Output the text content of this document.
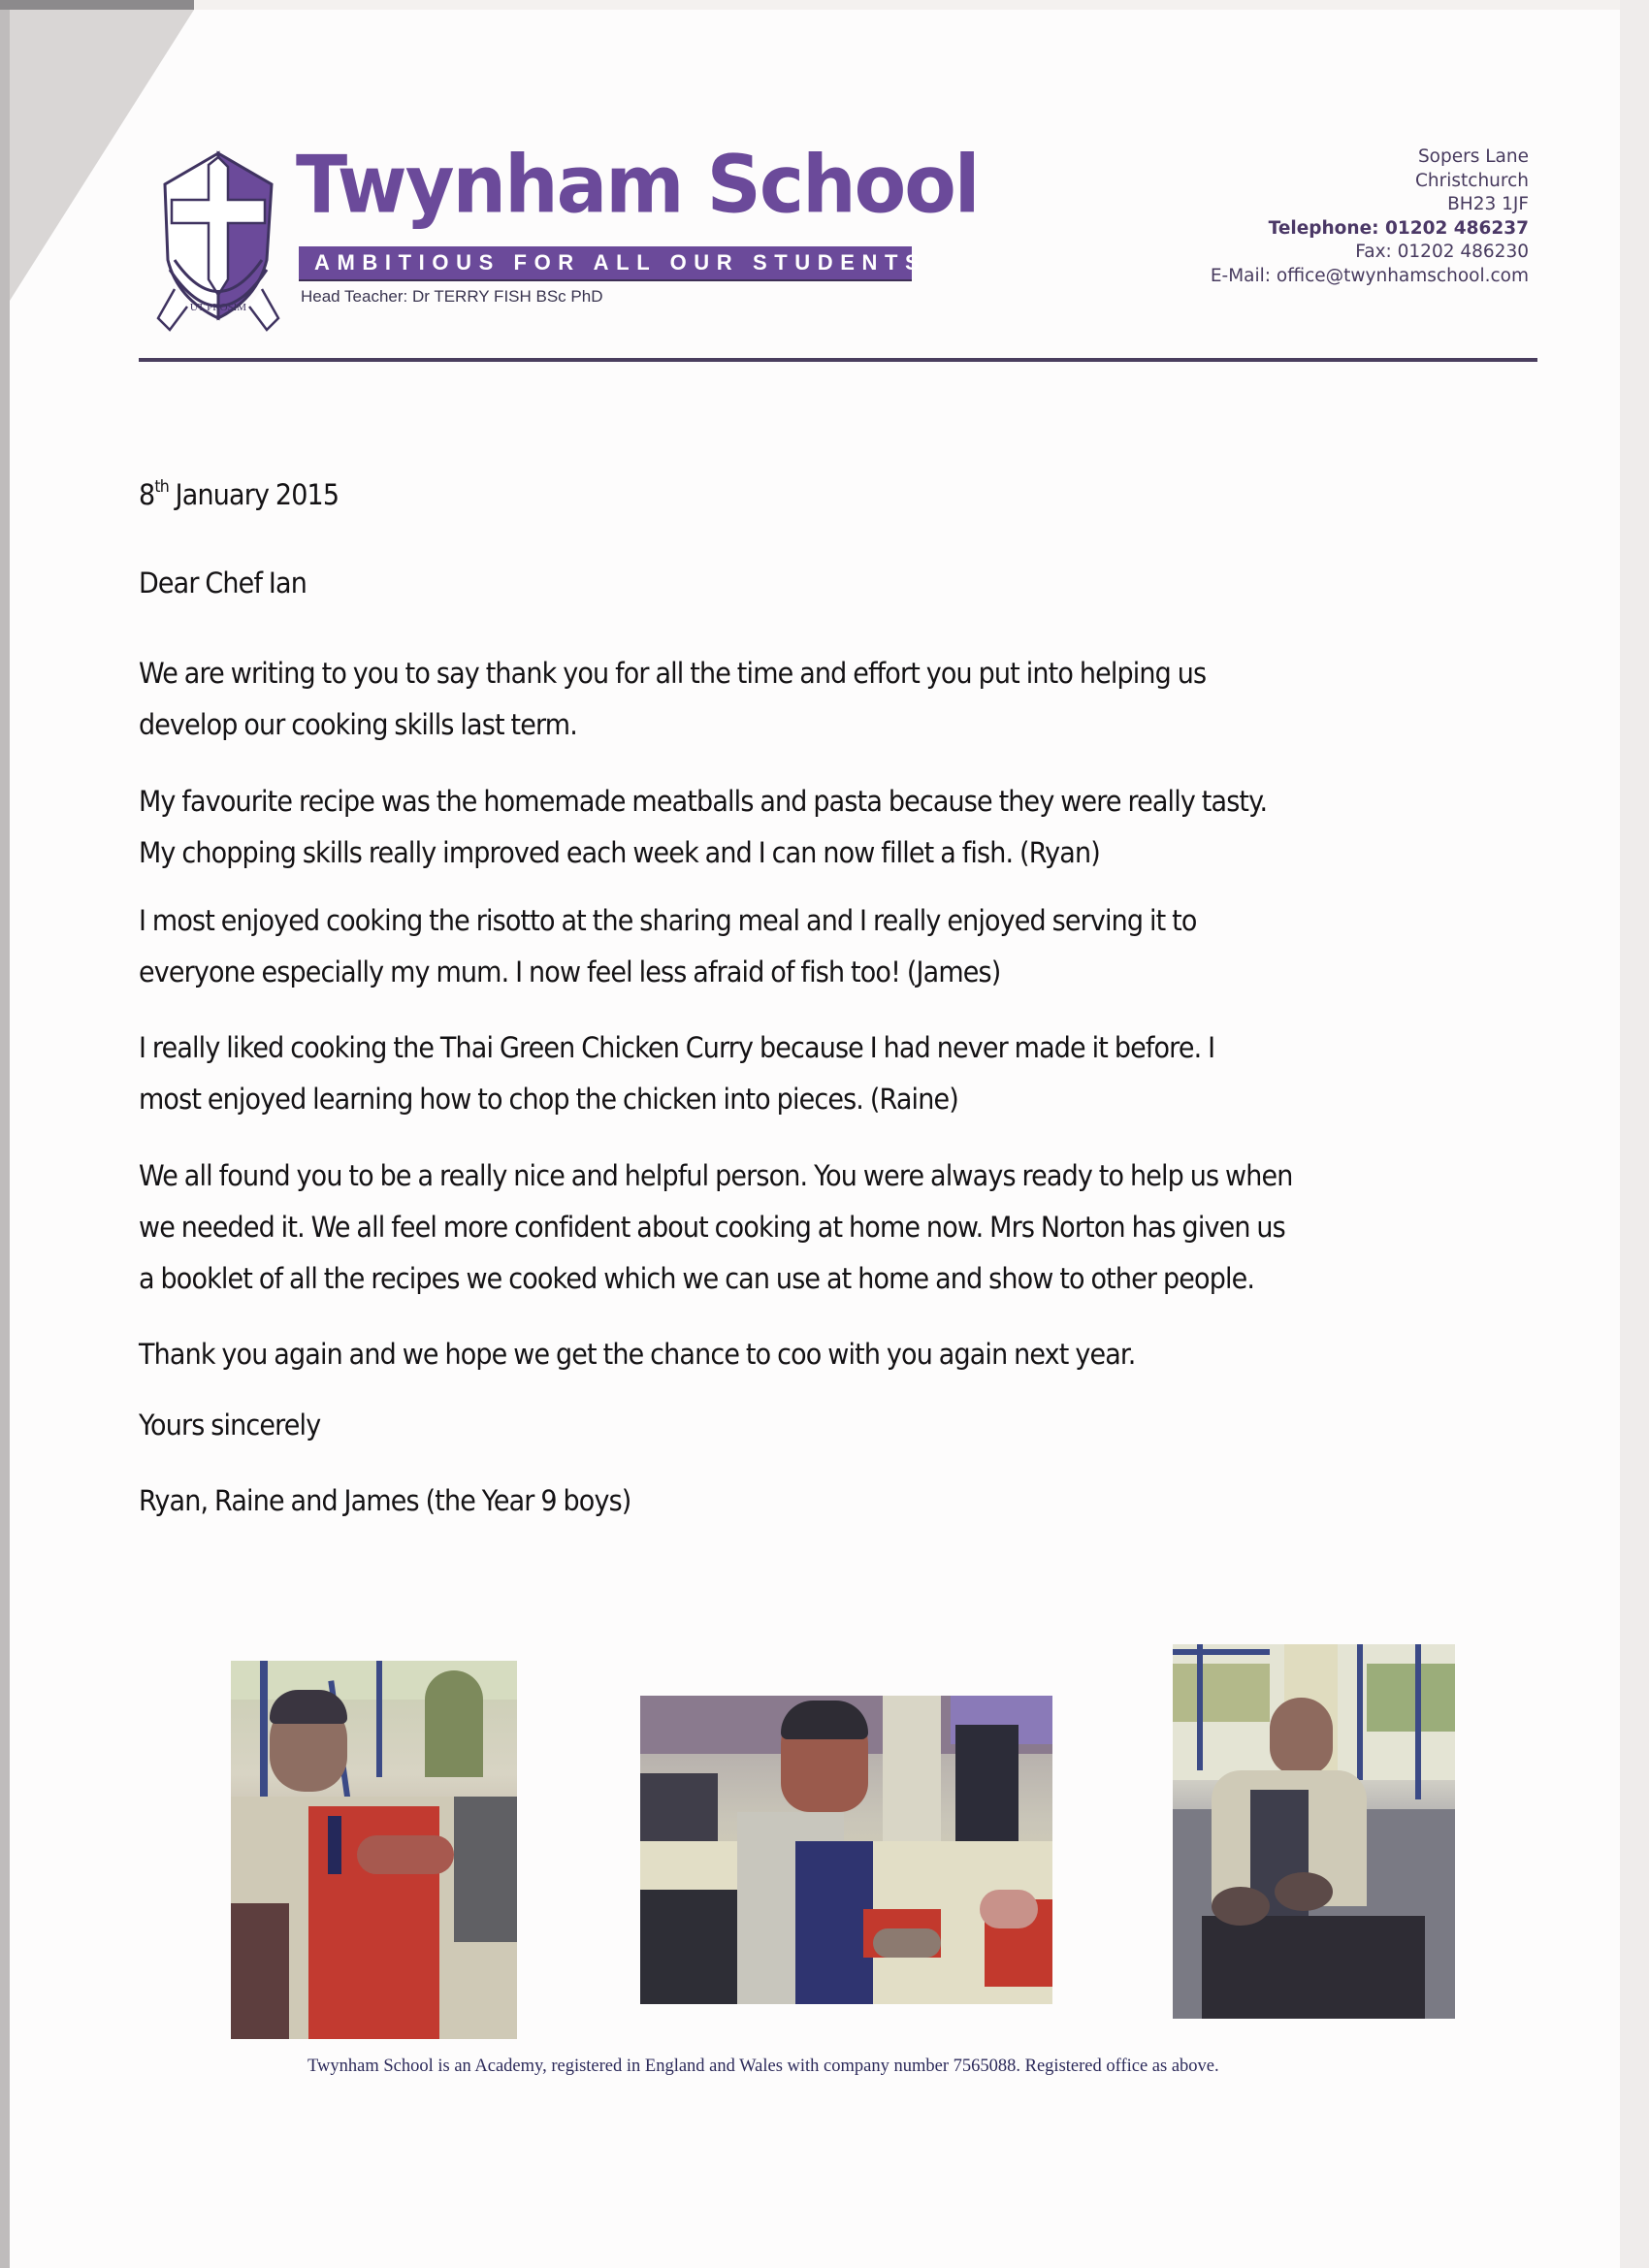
UT PROSIM
Twynham School
AMBITIOUS FOR ALL OUR STUDENTS
Head Teacher: Dr TERRY FISH BSc PhD
Sopers Lane
Christchurch
BH23 1JF
Telephone: 01202 486237
Fax: 01202 486230
E-Mail: office@twynhamschool.com
8th January 2015
Dear Chef Ian
We are writing to you to say thank you for all the time and effort you put into helping us
develop our cooking skills last term.
My favourite recipe was the homemade meatballs and pasta because they were really tasty.
My chopping skills really improved each week and I can now fillet a fish. (Ryan)
I most enjoyed cooking the risotto at the sharing meal and I really enjoyed serving it to
everyone especially my mum. I now feel less afraid of fish too! (James)
I really liked cooking the Thai Green Chicken Curry because I had never made it before. I
most enjoyed learning how to chop the chicken into pieces. (Raine)
We all found you to be a really nice and helpful person. You were always ready to help us when
we needed it. We all feel more confident about cooking at home now. Mrs Norton has given us
a booklet of all the recipes we cooked which we can use at home and show to other people.
Thank you again and we hope we get the chance to coo with you again next year.
Yours sincerely
Ryan, Raine and James (the Year 9 boys)
Twynham School is an Academy, registered in England and Wales with company number 7565088. Registered office as above.
